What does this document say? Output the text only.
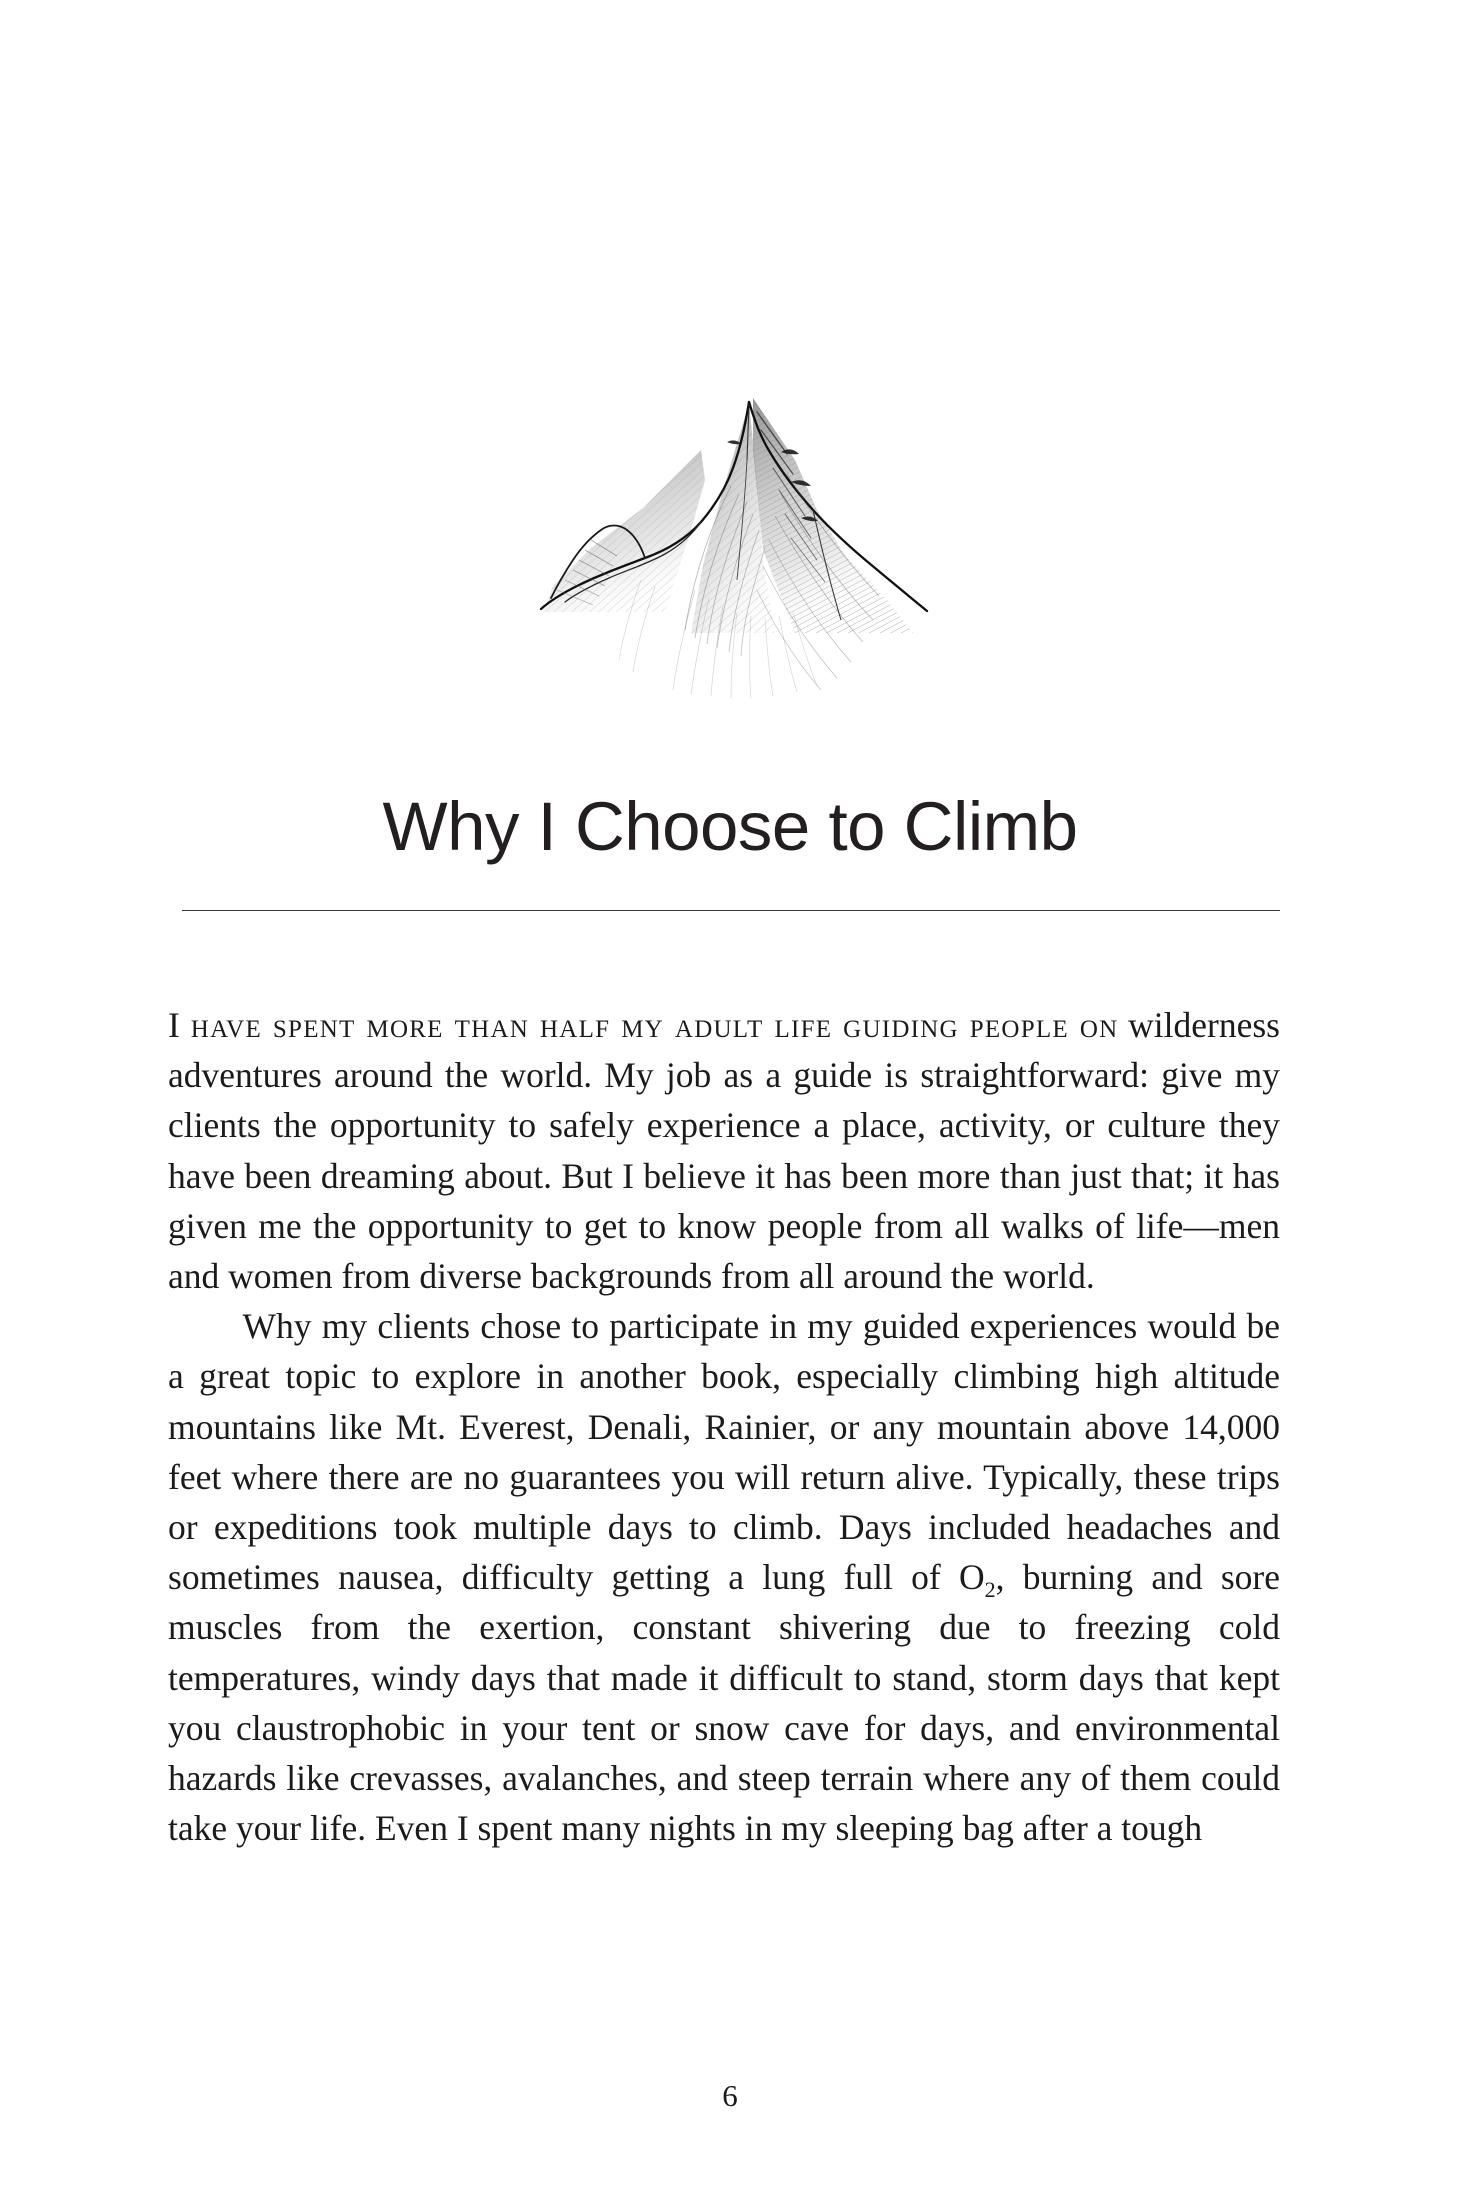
Why I Choose to Climb

I have spent more than half my adult life guiding people on wilderness adventures around the world. My job as a guide is straightforward: give my clients the opportunity to safely experience a place, activity, or culture they have been dreaming about. But I believe it has been more than just that; it has given me the opportunity to get to know people from all walks of life—men and women from diverse backgrounds from all around the world.

Why my clients chose to participate in my guided experiences would be a great topic to explore in another book, especially climbing high altitude mountains like Mt. Everest, Denali, Rainier, or any mountain above 14,000 feet where there are no guarantees you will return alive. Typically, these trips or expeditions took multiple days to climb. Days included headaches and sometimes nausea, difficulty getting a lung full of $O_2$, burning and sore muscles from the exertion, constant shivering due to freezing cold temperatures, windy days that made it difficult to stand, storm days that kept you claustrophobic in your tent or snow cave for days, and environmental hazards like crevasses, avalanches, and steep terrain where any of them could take your life. Even I spent many nights in my sleeping bag after a tough

6
